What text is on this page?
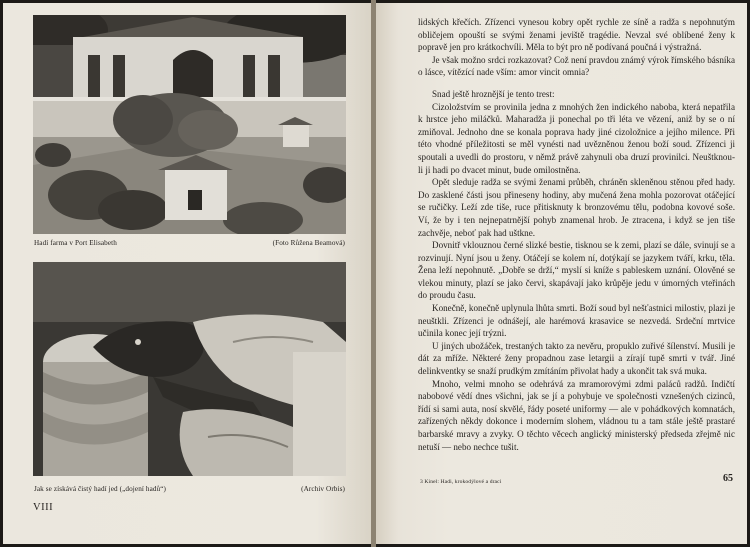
Hadí farma v Port Elisabeth	(Foto Růžena Beamová)
Jak se získává čistý hadí jed („dojení hadů“)	(Archiv Orbis)
VIII

lidských křečích. Zřízenci vynesou kobry opět rychle ze síně a radža s nepohnutým obličejem opouští se svými ženami jeviště tragédie. Nevzal své oblíbené ženy k popravě jen pro krátkochvíli. Měla to být pro ně podívaná poučná i výstražná.

Je však možno srdci rozkazovat? Což není pravdou známý výrok římského básníka o lásce, vítězící nade vším: amor vincit omnia?

Snad ještě hroznější je tento trest:

Cizoložstvím se provinila jedna z mnohých žen indického naboba, která nepatřila k hrstce jeho miláčků. Maharadža ji ponechal po tři léta ve vězení, aniž by se o ní zmiňoval. Jednoho dne se konala poprava hady jiné cizoložnice a jejího milence. Při této vhodné příležitosti se měl vynésti nad uvězněnou ženou boží soud. Zřízenci ji spoutali a uvedli do prostoru, v němž právě zahynuli oba druzí provinilci. Neuštknou-li ji hadi po dvacet minut, bude omilostněna.

Opět sleduje radža se svými ženami průběh, chráněn skleněnou stěnou před hady. Do zasklené části jsou přineseny hodiny, aby mučená žena mohla pozorovat otáčející se ručičky. Leží zde tiše, ruce přitisknuty k bronzovému tělu, podobna kovové soše. Ví, že by i ten nejnepatrnější pohyb znamenal hrob. Je ztracena, i když se jen tiše zachvěje, neboť pak had uštkne.

Dovnitř vklouznou černé slizké bestie, tisknou se k zemi, plazí se dále, svinují se a rozvinují. Nyní jsou u ženy. Otáčejí se kolem ní, dotýkají se jazykem tváří, krku, těla. Žena leží nepohnutě. „Dobře se drží,“ myslí si kníže s pableskem uznání. Olověné se vlekou minuty, plazí se jako červi, skapávají jako krůpěje jedu v úmorných vteřinách do proudu času.

Konečně, konečně uplynula lhůta smrti. Boží soud byl nešťastnici milostiv, plazi je neuštkli. Zřízenci je odnášejí, ale harémová krasavice se nezvedá. Srdeční mrtvice učinila konec její trýzni.

U jiných ubožáček, trestaných takto za nevěru, propuklo zuřivé šílenství. Musili je dát za mříže. Některé ženy propadnou zase letargii a zírají tupě smrti v tvář. Jiné delinkventky se snaží prudkým zmítáním přivolat hady a ukončit tak svá muka.

Mnoho, velmi mnoho se odehrává za mramorovými zdmi paláců radžů. Indičtí nabobové vědí dnes všichni, jak se jí a pohybuje ve společnosti vznešených cizinců, řídí si sami auta, nosí skvělé, řády poseté uniformy — ale v pohádkových komnatách, zařízených někdy dokonce i moderním slohem, vládnou tu a tam stále ještě prastaré barbarské mravy a zvyky. O těchto věcech anglický ministerský předseda zřejmě nic netuší — nebo nechce tušit.

3 Kinel: Hadi, krokodýlové a draci	65
